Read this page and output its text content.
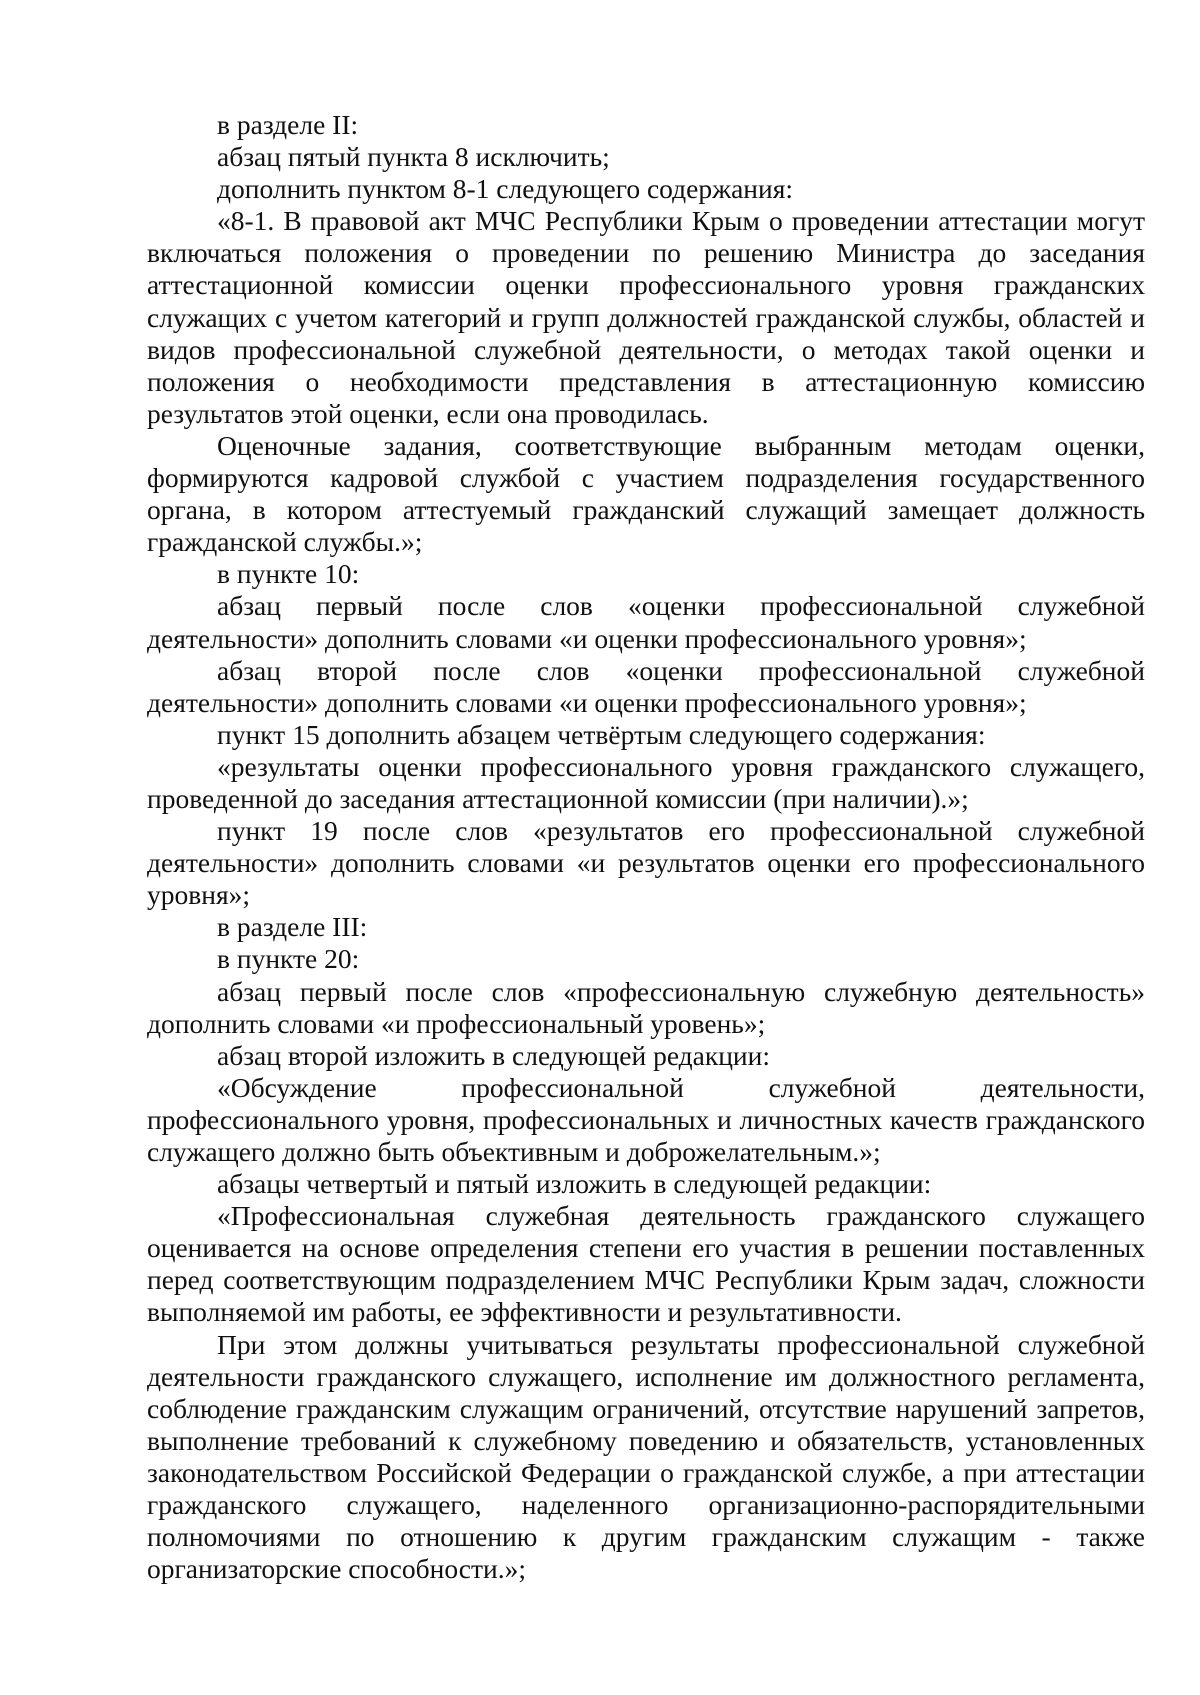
в разделе II:

абзац пятый пункта 8 исключить;

дополнить пунктом 8-1 следующего содержания:

«8-1. В правовой акт МЧС Республики Крым о проведении аттестации могут включаться положения о проведении по решению Министра до заседания аттестационной комиссии оценки профессионального уровня гражданских служащих с учетом категорий и групп должностей гражданской службы, областей и видов профессиональной служебной деятельности, о методах такой оценки и положения о необходимости представления в аттестационную комиссию результатов этой оценки, если она проводилась.

Оценочные задания, соответствующие выбранным методам оценки, формируются кадровой службой с участием подразделения государственного органа, в котором аттестуемый гражданский служащий замещает должность гражданской службы.»;

в пункте 10:

абзац первый после слов «оценки профессиональной служебной деятельности» дополнить словами «и оценки профессионального уровня»;

абзац второй после слов «оценки профессиональной служебной деятельности» дополнить словами «и оценки профессионального уровня»;

пункт 15 дополнить абзацем четвёртым следующего содержания:

«результаты оценки профессионального уровня гражданского служащего, проведенной до заседания аттестационной комиссии (при наличии).»;

пункт 19 после слов «результатов его профессиональной служебной деятельности» дополнить словами «и результатов оценки его профессионального уровня»;

в разделе III:

в пункте 20:

абзац первый после слов «профессиональную служебную деятельность» дополнить словами «и профессиональный уровень»;

абзац второй изложить в следующей редакции:

«Обсуждение профессиональной служебной деятельности, профессионального уровня, профессиональных и личностных качеств гражданского служащего должно быть объективным и доброжелательным.»;

абзацы четвертый и пятый изложить в следующей редакции:

«Профессиональная служебная деятельность гражданского служащего оценивается на основе определения степени его участия в решении поставленных перед соответствующим подразделением МЧС Республики Крым задач, сложности выполняемой им работы, ее эффективности и результативности.

При этом должны учитываться результаты профессиональной служебной деятельности гражданского служащего, исполнение им должностного регламента, соблюдение гражданским служащим ограничений, отсутствие нарушений запретов, выполнение требований к служебному поведению и обязательств, установленных законодательством Российской Федерации о гражданской службе, а при аттестации гражданского служащего, наделенного организационно-распорядительными полномочиями по отношению к другим гражданским служащим - также организаторские способности.»;
